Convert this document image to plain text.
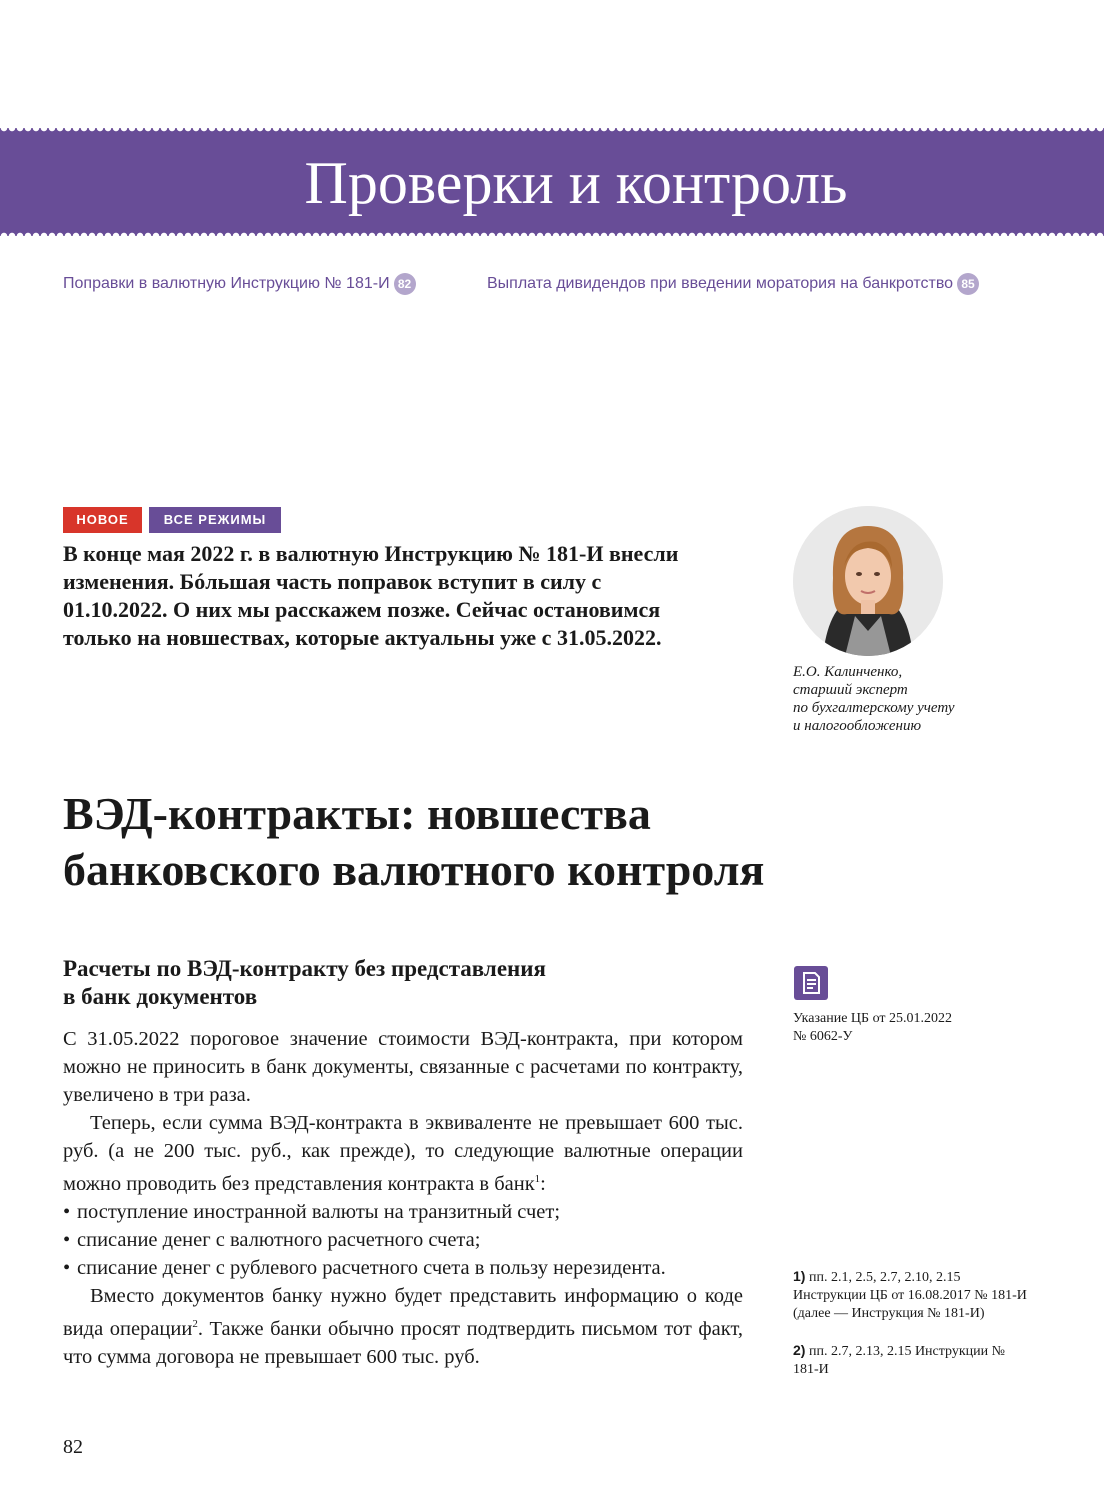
Проверки и контроль
Поправки в валютную Инструкцию № 181-И 82	Выплата дивидендов при введении моратория на банкротство 85
НОВОЕ	ВСЕ РЕЖИМЫ

В конце мая 2022 г. в валютную Инструкцию № 181-И внесли изменения. Бóльшая часть поправок вступит в силу с 01.10.2022. О них мы расскажем позже. Сейчас остановимся только на новшествах, которые актуальны уже с 31.05.2022.

Е.О. Калинченко,
старший эксперт
по бухгалтерскому учету
и налогообложению

ВЭД-контракты: новшества
банковского валютного контроля
Расчеты по ВЭД-контракту без представления
в банк документов

С 31.05.2022 пороговое значение стоимости ВЭД-контракта, при котором можно не приносить в банк документы, связанные с расчетами по контракту, увеличено в три раза.

Теперь, если сумма ВЭД-контракта в эквиваленте не превышает 600 тыс. руб. (а не 200 тыс. руб., как прежде), то следующие валютные операции можно проводить без представления контракта в банк$^1$:

• поступление иностранной валюты на транзитный счет;
• списание денег с валютного расчетного счета;
• списание денег с рублевого расчетного счета в пользу нерезидента.

Вместо документов банку нужно будет представить информацию о коде вида операции$^2$. Также банки обычно просят подтвердить письмом тот факт, что сумма договора не превышает 600 тыс. руб.

Указание ЦБ от 25.01.2022
№ 6062-У

1) пп. 2.1, 2.5, 2.7, 2.10, 2.15 Инструкции ЦБ от 16.08.2017 № 181-И (далее — Инструкция № 181-И)

2) пп. 2.7, 2.13, 2.15 Инструкции № 181-И

82
